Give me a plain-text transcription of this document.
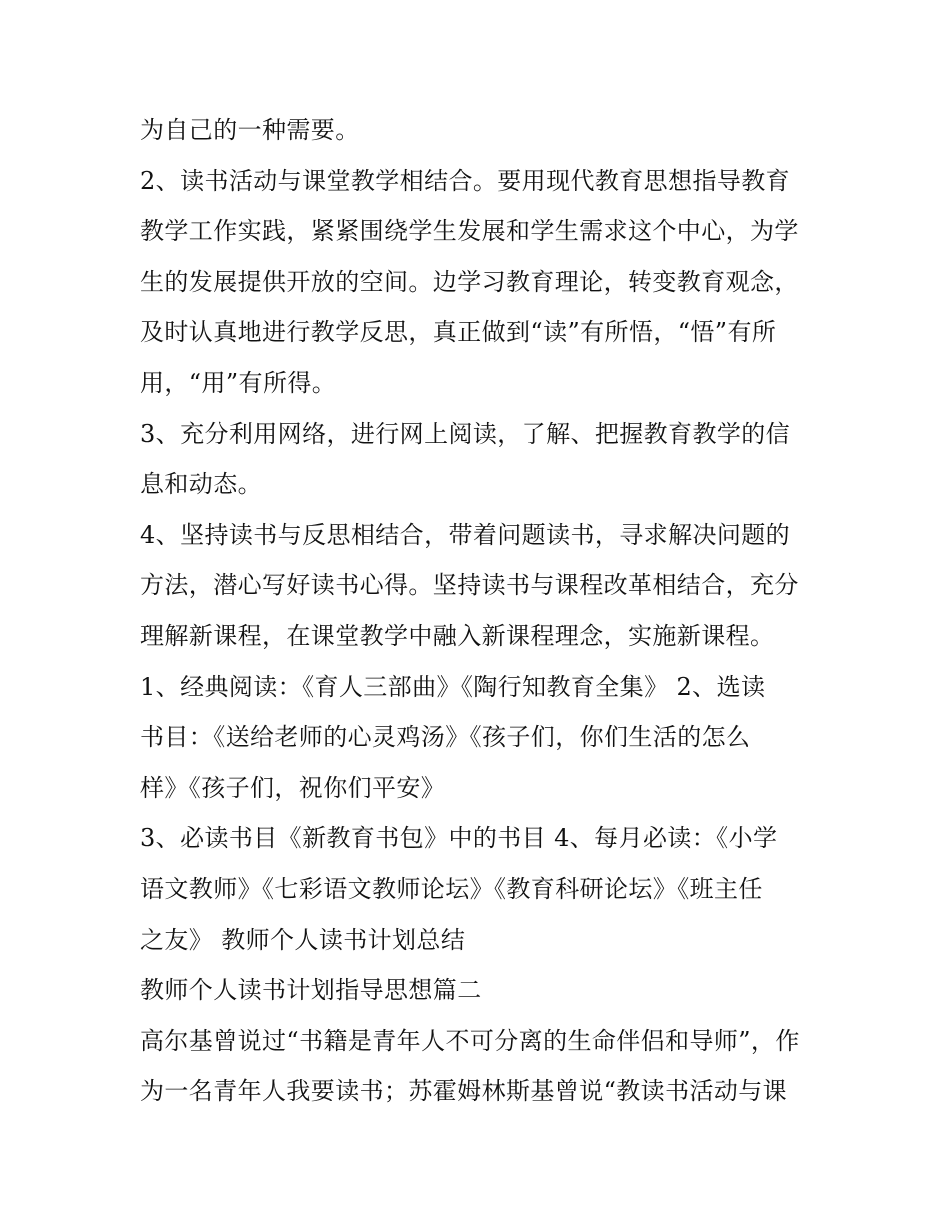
为自己的一种需要。
2、读书活动与课堂教学相结合。要用现代教育思想指导教育
教学工作实践，紧紧围绕学生发展和学生需求这个中心，为学
生的发展提供开放的空间。边学习教育理论，转变教育观念，
及时认真地进行教学反思，真正做到“读”有所悟，“悟”有所
用，“用”有所得。
3、充分利用网络，进行网上阅读，了解、把握教育教学的信
息和动态。
4、坚持读书与反思相结合，带着问题读书，寻求解决问题的
方法，潜心写好读书心得。坚持读书与课程改革相结合，充分
理解新课程，在课堂教学中融入新课程理念，实施新课程。
1、经典阅读：《育人三部曲》《陶行知教育全集》 2、选读
书目：《送给老师的心灵鸡汤》《孩子们，你们生活的怎么
样》《孩子们，祝你们平安》
3、必读书目《新教育书包》中的书目 4、每月必读：《小学
语文教师》《七彩语文教师论坛》《教育科研论坛》《班主任
之友》 教师个人读书计划总结
教师个人读书计划指导思想篇二
高尔基曾说过“书籍是青年人不可分离的生命伴侣和导师”，作
为一名青年人我要读书；苏霍姆林斯基曾说“教读书活动与课
